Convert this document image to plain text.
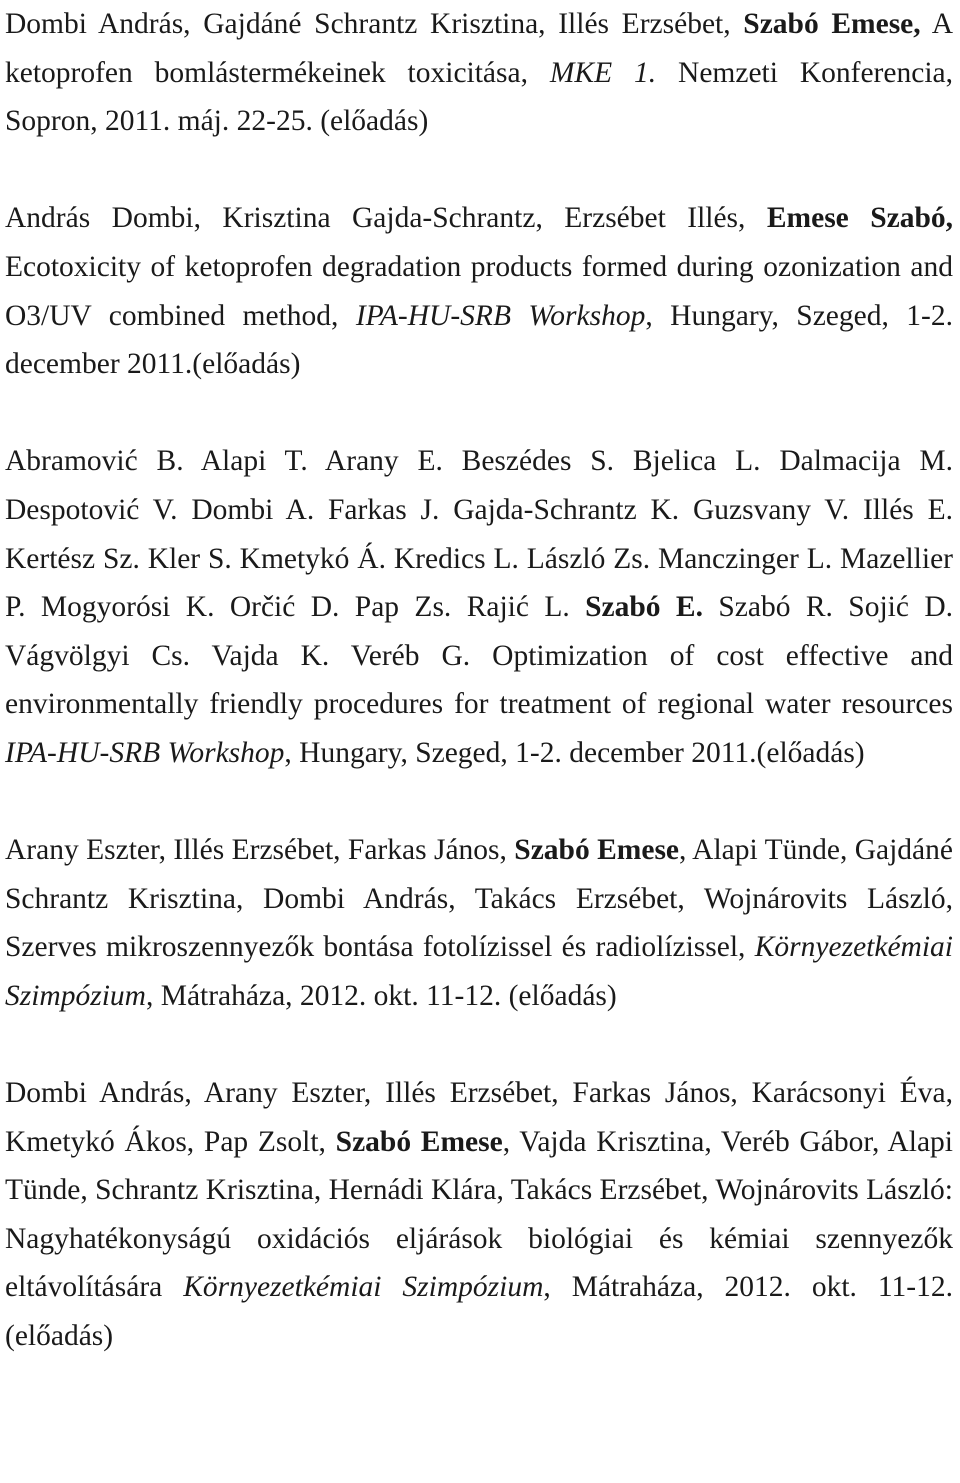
Dombi András, Gajdáné Schrantz Krisztina, Illés Erzsébet, Szabó Emese, A ketoprofen bomlástermékeinek toxicitása, MKE 1. Nemzeti Konferencia, Sopron, 2011. máj. 22-25. (előadás)

András Dombi, Krisztina Gajda-Schrantz, Erzsébet Illés, Emese Szabó, Ecotoxicity of ketoprofen degradation products formed during ozonization and O3/UV combined method, IPA-HU-SRB Workshop, Hungary, Szeged, 1-2. december 2011.(előadás)

Abramović B. Alapi T. Arany E. Beszédes S. Bjelica L. Dalmacija M. Despotović V. Dombi A. Farkas J. Gajda-Schrantz K. Guzsvany V. Illés E. Kertész Sz. Kler S. Kmetykó Á. Kredics L. László Zs. Manczinger L. Mazellier P. Mogyorósi K. Orčić D. Pap Zs. Rajić L. Szabó E. Szabó R. Sojić D. Vágvölgyi Cs. Vajda K. Veréb G. Optimization of cost effective and environmentally friendly procedures for treatment of regional water resources IPA-HU-SRB Workshop, Hungary, Szeged, 1-2. december 2011.(előadás)

Arany Eszter, Illés Erzsébet, Farkas János, Szabó Emese, Alapi Tünde, Gajdáné Schrantz Krisztina, Dombi András, Takács Erzsébet, Wojnárovits László, Szerves mikroszennyezők bontása fotolízissel és radiolízissel, Környezetkémiai Szimpózium, Mátraháza, 2012. okt. 11-12. (előadás)

Dombi András, Arany Eszter, Illés Erzsébet, Farkas János, Karácsonyi Éva, Kmetykó Ákos, Pap Zsolt, Szabó Emese, Vajda Krisztina, Veréb Gábor, Alapi Tünde, Schrantz Krisztina, Hernádi Klára, Takács Erzsébet, Wojnárovits László: Nagyhatékonyságú oxidációs eljárások biológiai és kémiai szennyezők eltávolítására Környezetkémiai Szimpózium, Mátraháza, 2012. okt. 11-12. (előadás)
